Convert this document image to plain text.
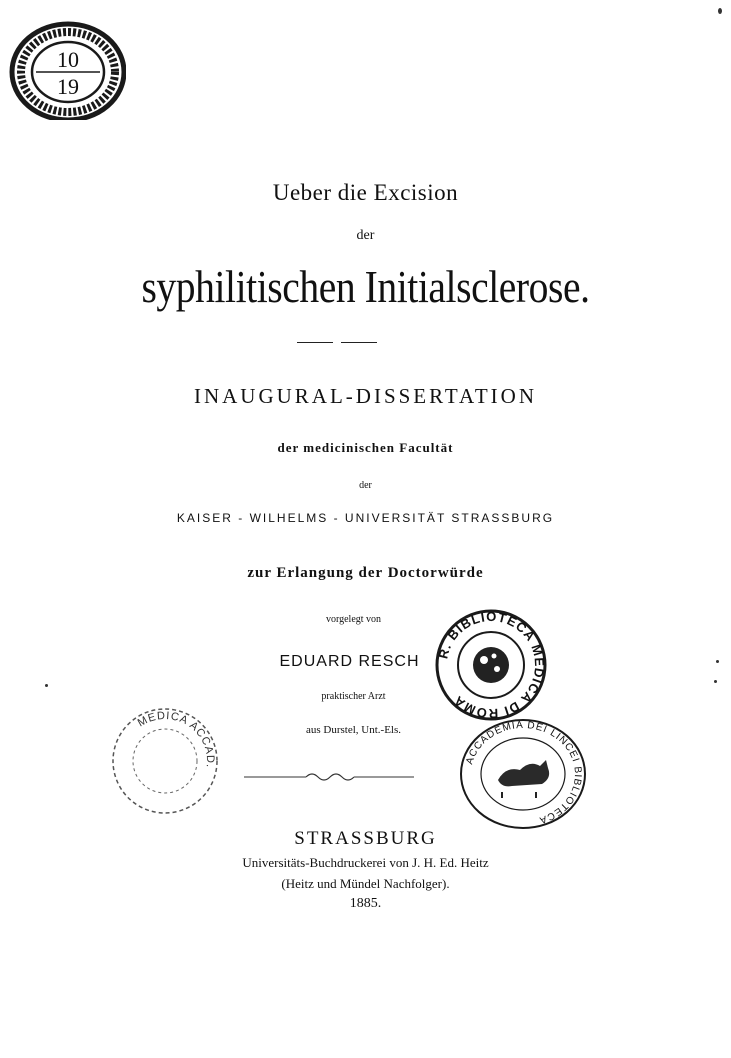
10
19
Ueber die Excision
der
syphilitischen Initialsclerose.
INAUGURAL-DISSERTATION
der medicinischen Facultät
der
KAISER - WILHELMS - UNIVERSITÄT STRASSBURG
zur Erlangung der Doctorwürde
vorgelegt von
EDUARD RESCH
praktischer Arzt
aus Durstel, Unt.-Els.
R. BIBLIOTECA MEDICA DI ROMA
MEDICA ACCAD.
ACCADEMIA DEI LINCEI BIBLIOTECA
STRASSBURG
Universitäts-Buchdruckerei von J. H. Ed. Heitz
(Heitz und Mündel Nachfolger).
1885.
